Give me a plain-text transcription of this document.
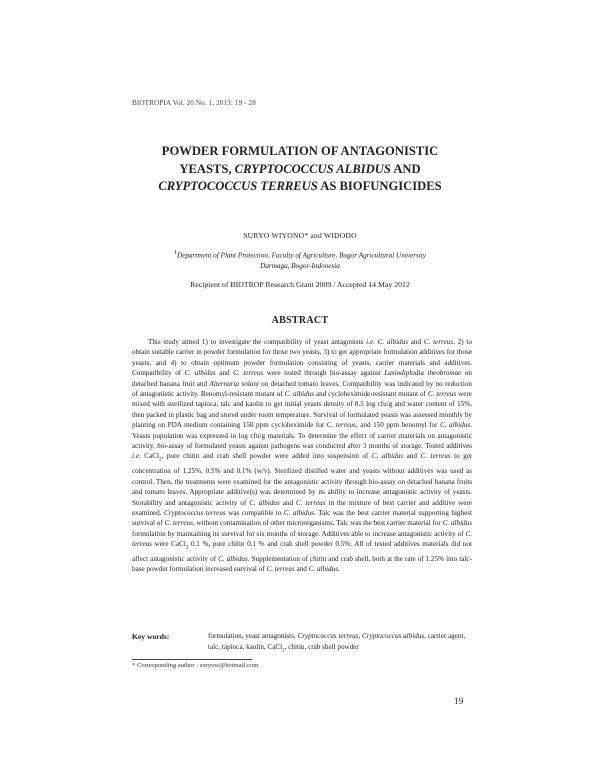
BIOTROPIA Vol. 20 No. 1, 2013: 19 - 28
POWDER FORMULATION OF ANTAGONISTIC
YEASTS, CRYPTOCOCCUS ALBIDUS AND
CRYPTOCOCCUS TERREUS AS BIOFUNGICIDES
SURYO WIYONO* and WIDODO
$^1$Department of Plant Protection, Faculty of Agriculture, Bogor Agricultural University
Darmaga, Bogor-Indonesia
Recipient of BIOTROP Research Grant 2009 / Accepted 14 May 2012
ABSTRACT

This study aimed 1) to investigate the compatibility of yeast antagonists i.e. C. albidus and C. terreus, 2) to obtain suitable carrier in powder formulation for those two yeasts, 3) to get appropriate formulation additives for those yeasts, and 4) to obtain optimum powder formulation consisting of yeasts, carrier materials and additives. Compatibility of C. albidus and C. terreus were tested through bio-assay against Lasiodiplodia theobromae on detached banana fruit and Alternaria solani on detached tomato leaves. Compatibility was indicated by no reduction of antagonistic activity. Benomyl-resistant mutant of C. albidus and cycloheximide-resistant mutant of C. terreus were mixed with sterilized tapioca, talc and kaolin to get initial yeasts density of 8.5 log cfu/g and water content of 15%, then packed in plastic bag and stored under room temperature. Survival of formulated yeasts was assessed monthly by planting on PDA medium containing 150 ppm cycloheximide for C. terreus, and 150 ppm benomyl for C. albidus. Yeasts population was expressed in log cfu/g materials. To determine the effect of carrier materials on antagonistic activity, bio-assay of formulated yeasts against pathogens was conducted after 3 months of storage. Tested additives i.e. CaCl$_2$, pure chitin and crab shell powder were added into suspension of C. albidus and C. terreus to get concentration of 1.25%, 0.5% and 0.1% (w/v). Sterilized distilled water and yeasts without additives was used as control. Then, the treatments were examined for the antagonistic activity through bio-assay on detached banana fruits and tomato leaves. Appropriate additive(s) was determined by its ability to increase antagonistic activity of yeasts. Storability and antagonistic activity of C. albidus and C. terreus in the mixture of best carrier and additive were examined. Cryptococcus terreus was compatible to C. albidus. Talc was the best carrier material supporting highest survival of C. terreus, without contamination of other microorganisms. Talc was the best carrier material for C. albidus formulation by maintaining its survival for six months of storage. Additives able to increase antagonistic activity of C. terreus were CaCl$_2$ 0.1 %, pure chitin 0.1 % and crab shell powder 0.5%. All of tested additives materials did not affect antagonistic activity of C. albidus. Supplementation of chitin and crab shell, both at the rate of 1.25% into talc-base powder formulation increased survival of C. terreus and C. albidus.

Key words:	formulation, yeast antagonists, Cryptococcus terreus, Cryptococcus albidus, carrier agent, talc, tapioca, kaolin, CaCl$_2$, chitin, crab shell powder
* Corresponding author : suryow@hotmail.com
19
